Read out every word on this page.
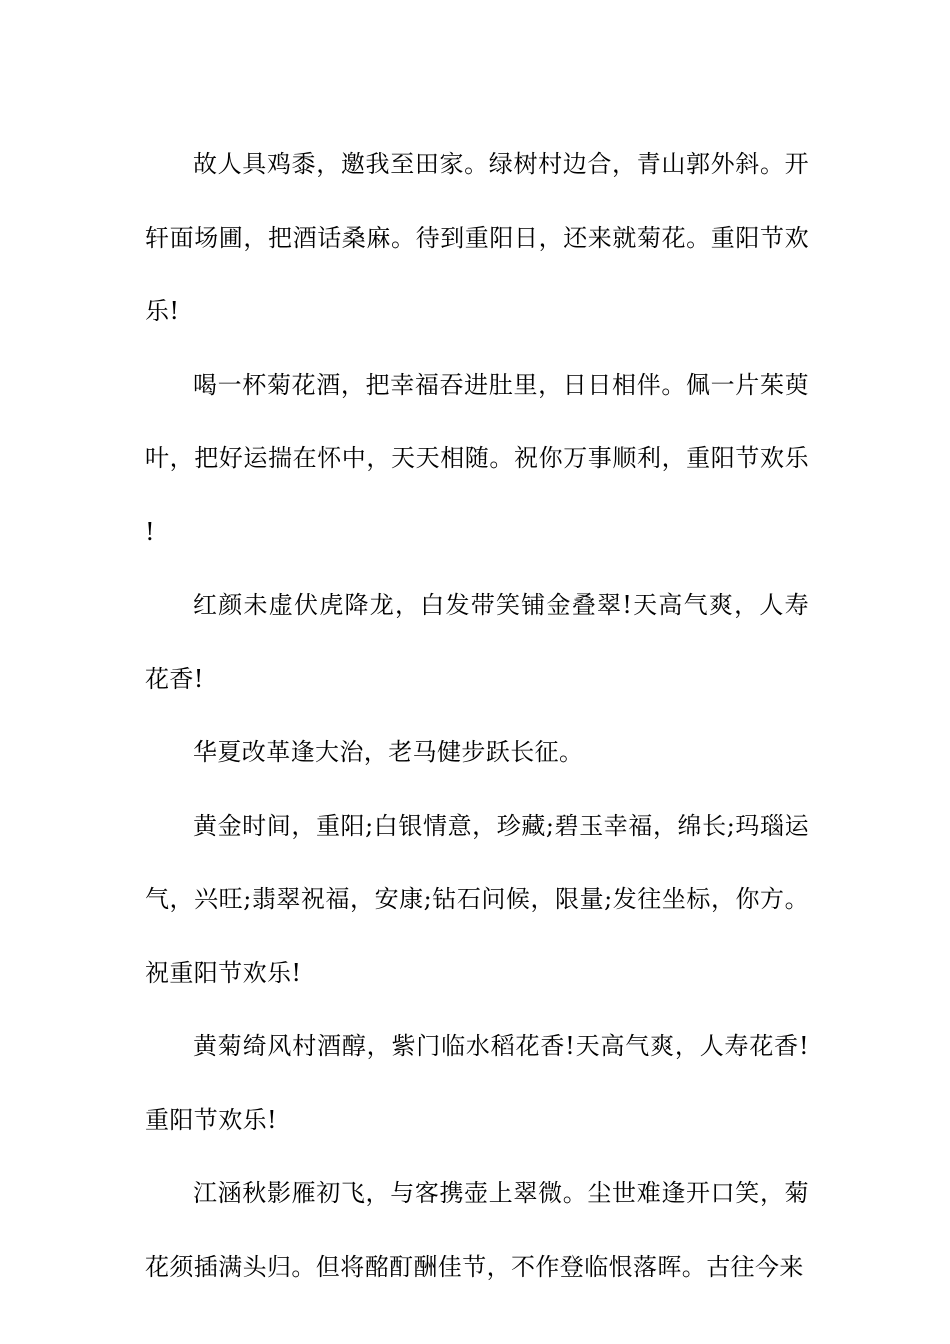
故人具鸡黍，邀我至田家。绿树村边合，青山郭外斜。开轩面场圃，把酒话桑麻。待到重阳日，还来就菊花。重阳节欢乐!

喝一杯菊花酒，把幸福吞进肚里，日日相伴。佩一片茱萸叶，把好运揣在怀中，天天相随。祝你万事顺利，重阳节欢乐!

红颜未虚伏虎降龙，白发带笑铺金叠翠!天高气爽，人寿花香!

华夏改革逢大治，老马健步跃长征。

黄金时间，重阳;白银情意，珍藏;碧玉幸福，绵长;玛瑙运气，兴旺;翡翠祝福，安康;钻石问候，限量;发往坐标，你方。祝重阳节欢乐!

黄菊绮风村酒醇，紫门临水稻花香!天高气爽，人寿花香!重阳节欢乐!

江涵秋影雁初飞，与客携壶上翠微。尘世难逢开口笑，菊花须插满头归。但将酩酊酬佳节，不作登临恨落晖。古往今来
